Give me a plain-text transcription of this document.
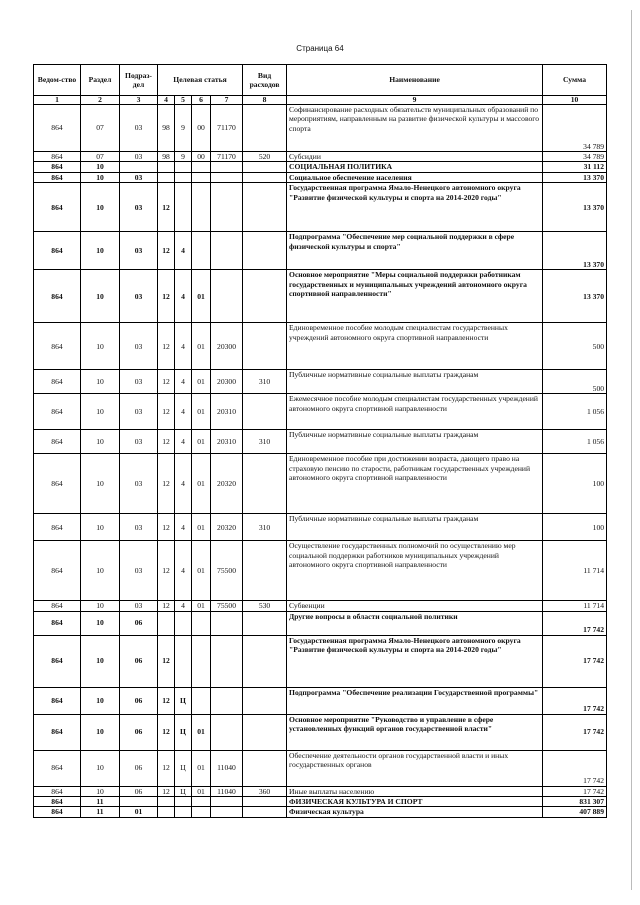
Страница 64
Ведом-ство	Раздел	Подраз-дел	Целевая статья				Вид расходов	Наименование	Сумма
1	2	3	4	5	6	7	8	9	10
864	07	03	98	9	00	71170		Софинансирование расходных обязательств муниципальных образований по мероприятиям, направленным на развитие физической культуры и массового спорта	34 789
864	07	03	98	9	00	71170	520	Субсидии	34 789
864	10							СОЦИАЛЬНАЯ ПОЛИТИКА	31 112
864	10	03						Социальное обеспечение населения	13 370
864	10	03	12					Государственная программа Ямало-Ненецкого автономного округа "Развитие физической культуры и спорта на 2014-2020 годы"	13 370
864	10	03	12	4				Подпрограмма "Обеспечение мер социальной поддержки в сфере физической культуры и спорта"	13 370
864	10	03	12	4	01			Основное мероприятие "Меры социальной поддержки работникам государственных и муниципальных учреждений автономного округа спортивной направленности"	13 370
864	10	03	12	4	01	20300		Единовременное пособие молодым специалистам государственных учреждений автономного округа спортивной направленности	500
864	10	03	12	4	01	20300	310	Публичные нормативные социальные выплаты гражданам	500
864	10	03	12	4	01	20310		Ежемесячное пособие молодым специалистам государственных учреждений автономного округа спортивной направленности	1 056
864	10	03	12	4	01	20310	310	Публичные нормативные социальные выплаты гражданам	1 056
864	10	03	12	4	01	20320		Единовременное пособие при достижении возраста, дающего право на страховую пенсию по старости, работникам государственных учреждений автономного округа спортивной направленности	100
864	10	03	12	4	01	20320	310	Публичные нормативные социальные выплаты гражданам	100
864	10	03	12	4	01	75500		Осуществление государственных полномочий по осуществлению мер социальной поддержки работников муниципальных учреждений автономного округа спортивной направленности	11 714
864	10	03	12	4	01	75500	530	Субвенции	11 714
864	10	06						Другие вопросы в области социальной политики	17 742
864	10	06	12					Государственная программа Ямало-Ненецкого автономного округа "Развитие физической культуры и спорта на 2014-2020 годы"	17 742
864	10	06	12	Ц				Подпрограмма "Обеспечение реализации Государственной программы"	17 742
864	10	06	12	Ц	01			Основное мероприятие "Руководство и управление в сфере установленных функций органов государственной власти"	17 742
864	10	06	12	Ц	01	11040		Обеспечение деятельности органов государственной власти и иных государственных органов	17 742
864	10	06	12	Ц	01	11040	360	Иные выплаты населению	17 742
864	11							ФИЗИЧЕСКАЯ КУЛЬТУРА И СПОРТ	831 307
864	11	01						Физическая культура	407 889
